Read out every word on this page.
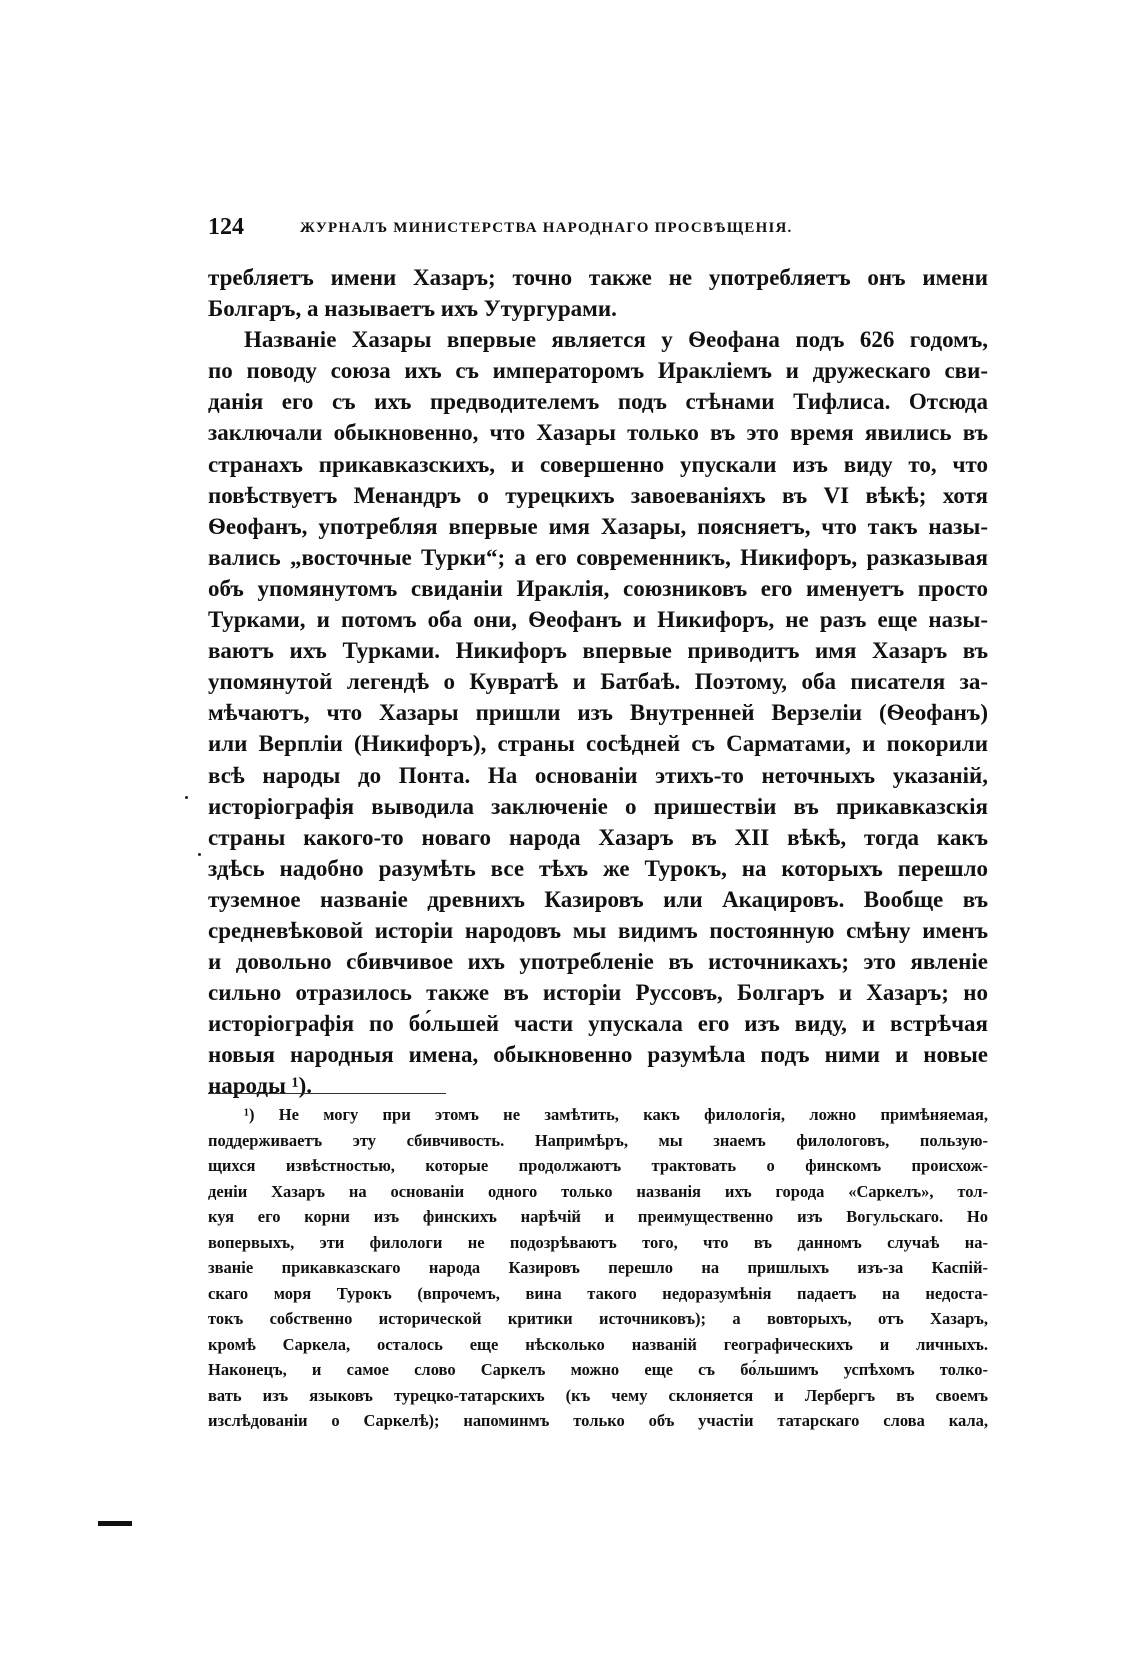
124	ЖУРНАЛЪ МИНИСТЕРСТВА НАРОДНАГО ПРОСВѢЩЕНІЯ.
требляетъ имени Хазаръ; точно также не употребляетъ онъ имени
Болгаръ, а называетъ ихъ Утургурами.
Названіе Хазары впервые является у Ѳеофана подъ 626 годомъ,
по поводу союза ихъ съ императоромъ Иракліемъ и дружескаго сви-
данія его съ ихъ предводителемъ подъ стѣнами Тифлиса. Отсюда
заключали обыкновенно, что Хазары только въ это время явились въ
странахъ прикавказскихъ, и совершенно упускали изъ виду то, что
повѣствуетъ Менандръ о турецкихъ завоеваніяхъ въ VI вѣкѣ; хотя
Ѳеофанъ, употребляя впервые имя Хазары, поясняетъ, что такъ назы-
вались „восточные Турки“; а его современникъ, Никифоръ, разказывая
объ упомянутомъ свиданіи Ираклія, союзниковъ его именуетъ просто
Турками, и потомъ оба они, Ѳеофанъ и Никифоръ, не разъ еще назы-
ваютъ ихъ Турками. Никифоръ впервые приводитъ имя Хазаръ въ
упомянутой легендѣ о Кувратѣ и Батбаѣ. Поэтому, оба писателя за-
мѣчаютъ, что Хазары пришли изъ Внутренней Верзеліи (Ѳеофанъ)
или Верпліи (Никифоръ), страны сосѣдней съ Сарматами, и покорили
всѣ народы до Понта. На основаніи этихъ-то неточныхъ указаній,
исторіографія выводила заключеніе о пришествіи въ прикавказскія
страны какого-то новаго народа Хазаръ въ XII вѣкѣ, тогда какъ
здѣсь надобно разумѣть все тѣхъ же Турокъ, на которыхъ перешло
туземное названіе древнихъ Казировъ или Акацировъ. Вообще въ
средневѣковой исторіи народовъ мы видимъ постоянную смѣну именъ
и довольно сбивчивое ихъ употребленіе въ источникахъ; это явленіе
сильно отразилось также въ исторіи Руссовъ, Болгаръ и Хазаръ; но
исторіографія по бо́льшей части упускала его изъ виду, и встрѣчая
новыя народныя имена, обыкновенно разумѣла подъ ними и новые
народы ¹).
¹) Не могу при этомъ не замѣтить, какъ филологія, ложно примѣняемая,
поддерживаетъ эту сбивчивость. Напримѣръ, мы знаемъ филологовъ, пользую-
щихся извѣстностью, которые продолжаютъ трактовать о финскомъ происхож-
деніи Хазаръ на основаніи одного только названія ихъ города «Саркелъ», тол-
куя его корни изъ финскихъ нарѣчій и преимущественно изъ Вогульскаго. Но
вопервыхъ, эти филологи не подозрѣваютъ того, что въ данномъ случаѣ на-
званіе прикавказскаго народа Казировъ перешло на пришлыхъ изъ-за Каспій-
скаго моря Турокъ (впрочемъ, вина такого недоразумѣнія падаетъ на недоста-
токъ собственно исторической критики источниковъ); а вовторыхъ, отъ Хазаръ,
кромѣ Саркела, осталось еще нѣсколько названій географическихъ и личныхъ.
Наконецъ, и самое слово Саркелъ можно еще съ бо́льшимъ успѣхомъ толко-
вать изъ языковъ турецко-татарскихъ (къ чему склоняется и Лербергъ въ своемъ
изслѣдованіи о Саркелѣ); напоминмъ только объ участіи татарскаго слова кала,
